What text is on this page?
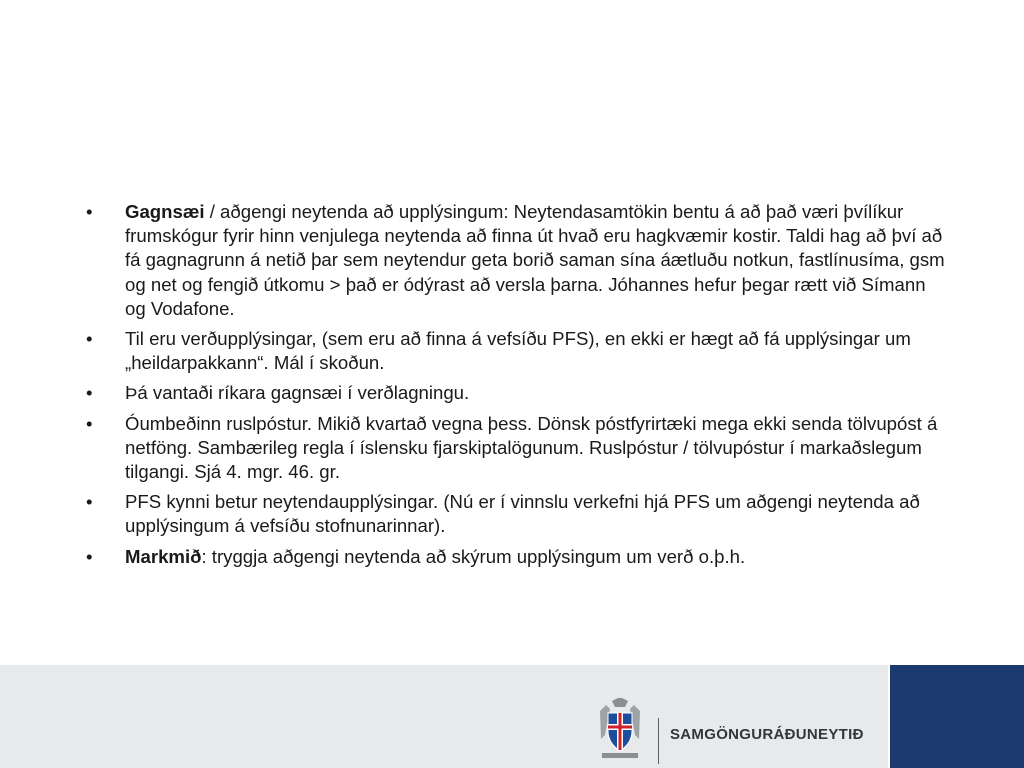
• Gagnsæi / aðgengi neytenda að upplýsingum: Neytendasamtökin bentu á að það væri þvílíkur frumskógur fyrir hinn venjulega neytenda að finna út hvað eru hagkvæmir kostir. Taldi hag að því að fá gagnagrunn á netið þar sem neytendur geta borið saman sína áætluðu notkun, fastlínusíma, gsm og net og fengið útkomu > það er ódýrast að versla þarna. Jóhannes hefur þegar rætt við Símann og Vodafone.
• Til eru verðupplýsingar, (sem eru að finna á vefsíðu PFS), en ekki er hægt að fá upplýsingar um „heildarpakkann“. Mál í skoðun.
• Þá vantaði ríkara gagnsæi í verðlagningu.
• Óumbeðinn ruslpóstur. Mikið kvartað vegna þess. Dönsk póstfyrirtæki mega ekki senda tölvupóst á netföng. Sambærileg regla í íslensku fjarskiptalögunum. Ruslpóstur / tölvupóstur í markaðslegum tilgangi. Sjá 4. mgr. 46. gr.
• PFS kynni betur neytendaupplýsingar. (Nú er í vinnslu verkefni hjá PFS um aðgengi neytenda að upplýsingum á vefsíðu stofnunarinnar).
• Markmið: tryggja aðgengi neytenda að skýrum upplýsingum um verð o.þ.h.
SAMGÖNGURÁÐUNEYTIÐ
